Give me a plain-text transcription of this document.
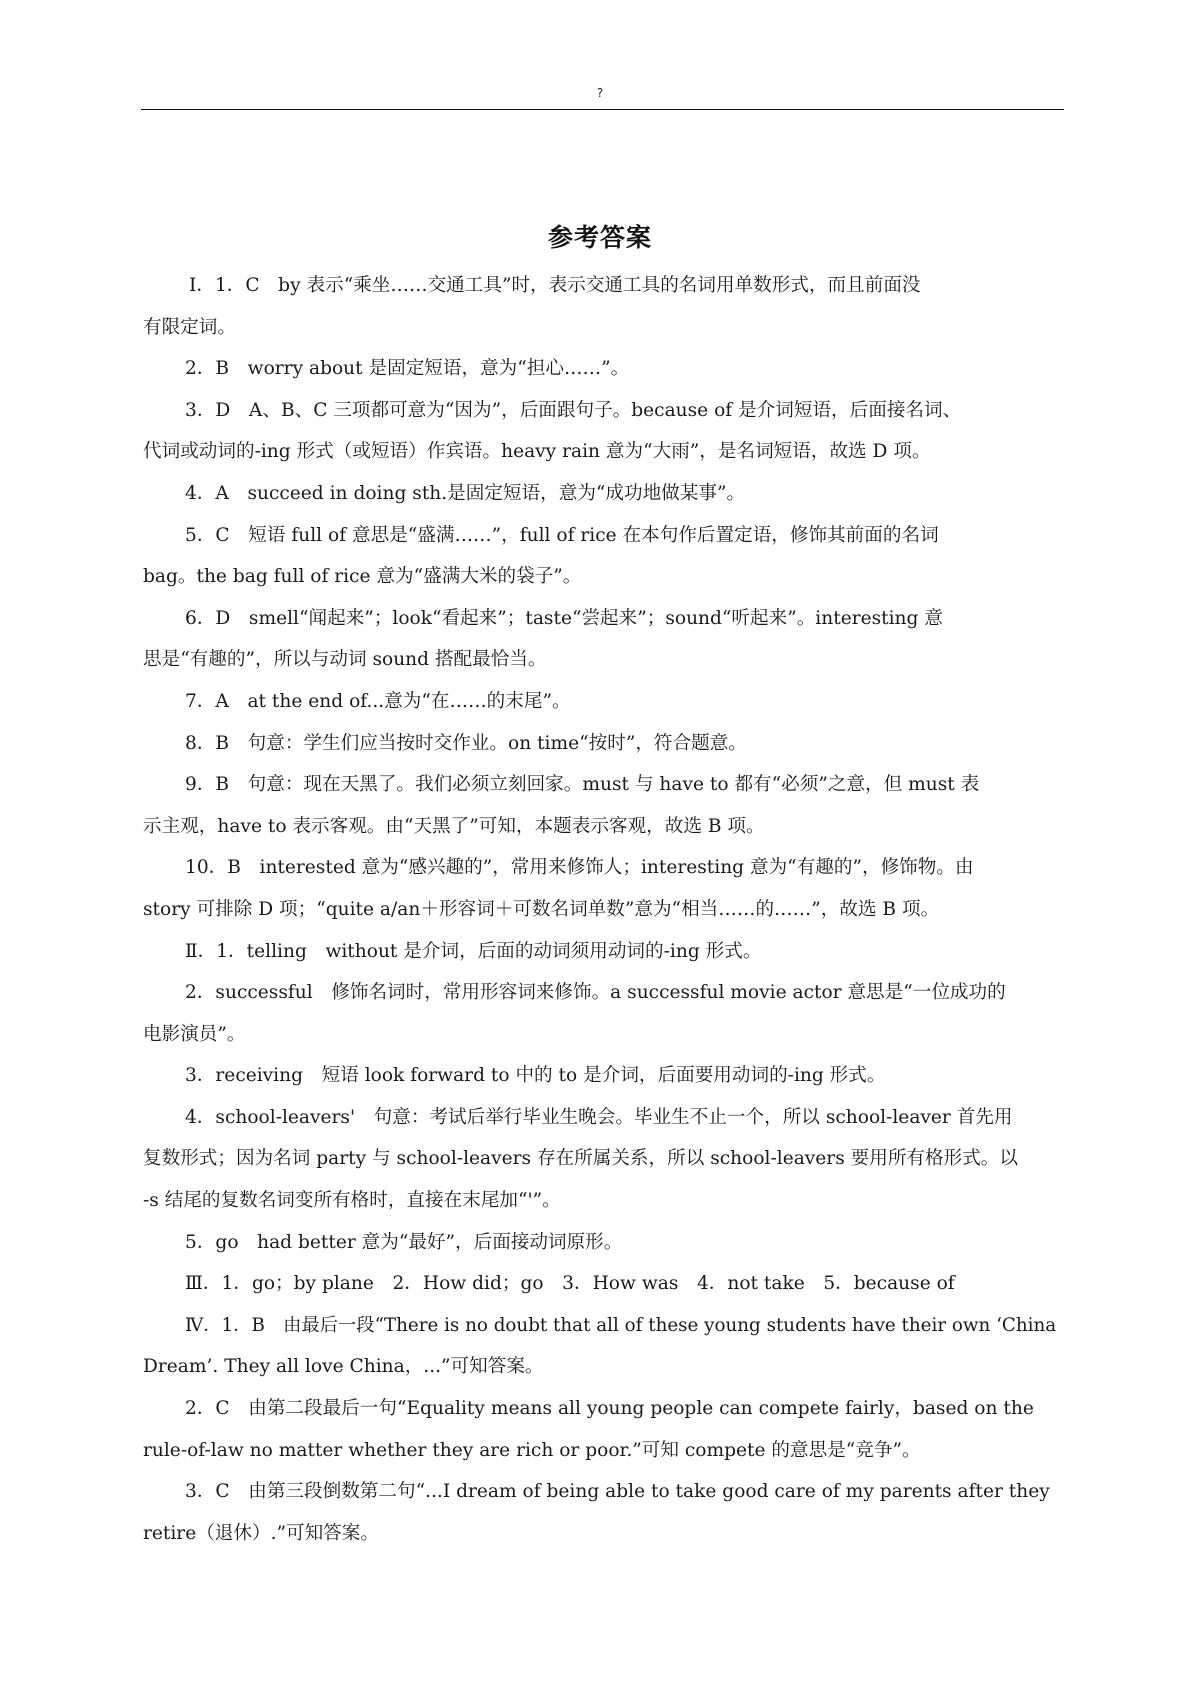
?
参考答案
Ⅰ．1．C　by 表示“乘坐……交通工具”时，表示交通工具的名词用单数形式，而且前面没
有限定词。
2．B　worry about 是固定短语，意为“担心……”。
3．D　A、B、C 三项都可意为“因为”，后面跟句子。because of 是介词短语，后面接名词、
代词或动词的-ing 形式（或短语）作宾语。heavy rain 意为“大雨”，是名词短语，故选 D 项。
4．A　succeed in doing sth.是固定短语，意为“成功地做某事”。
5．C　短语 full of 意思是“盛满……”，full of rice 在本句作后置定语，修饰其前面的名词
bag。the bag full of rice 意为“盛满大米的袋子”。
6．D　smell“闻起来”；look“看起来”；taste“尝起来”；sound“听起来”。interesting 意
思是“有趣的”，所以与动词 sound 搭配最恰当。
7．A　at the end of...意为“在……的末尾”。
8．B　句意：学生们应当按时交作业。on time“按时”，符合题意。
9．B　句意：现在天黑了。我们必须立刻回家。must 与 have to 都有“必须”之意，但 must 表
示主观，have to 表示客观。由“天黑了”可知，本题表示客观，故选 B 项。
10．B　interested 意为“感兴趣的”，常用来修饰人；interesting 意为“有趣的”，修饰物。由
story 可排除 D 项；“quite a/an＋形容词＋可数名词单数”意为“相当……的……”，故选 B 项。
Ⅱ．1．telling　without 是介词，后面的动词须用动词的-ing 形式。
2．successful　修饰名词时，常用形容词来修饰。a successful movie actor 意思是“一位成功的
电影演员”。
3．receiving　短语 look forward to 中的 to 是介词，后面要用动词的-ing 形式。
4．school-leavers'　句意：考试后举行毕业生晚会。毕业生不止一个，所以 school-leaver 首先用
复数形式；因为名词 party 与 school-leavers 存在所属关系，所以 school-leavers 要用所有格形式。以
-s 结尾的复数名词变所有格时，直接在末尾加“'”。
5．go　had better 意为“最好”，后面接动词原形。
Ⅲ．1．go；by plane　2．How did；go　3．How was　4．not take　5．because of
Ⅳ．1．B　由最后一段“There is no doubt that all of these young students have their own ‘China
Dream’. They all love China，...”可知答案。
2．C　由第二段最后一句“Equality means all young people can compete fairly，based on the
rule-of-law no matter whether they are rich or poor.”可知 compete 的意思是“竞争”。
3．C　由第三段倒数第二句“...I dream of being able to take good care of my parents after they
retire（退休）.”可知答案。
